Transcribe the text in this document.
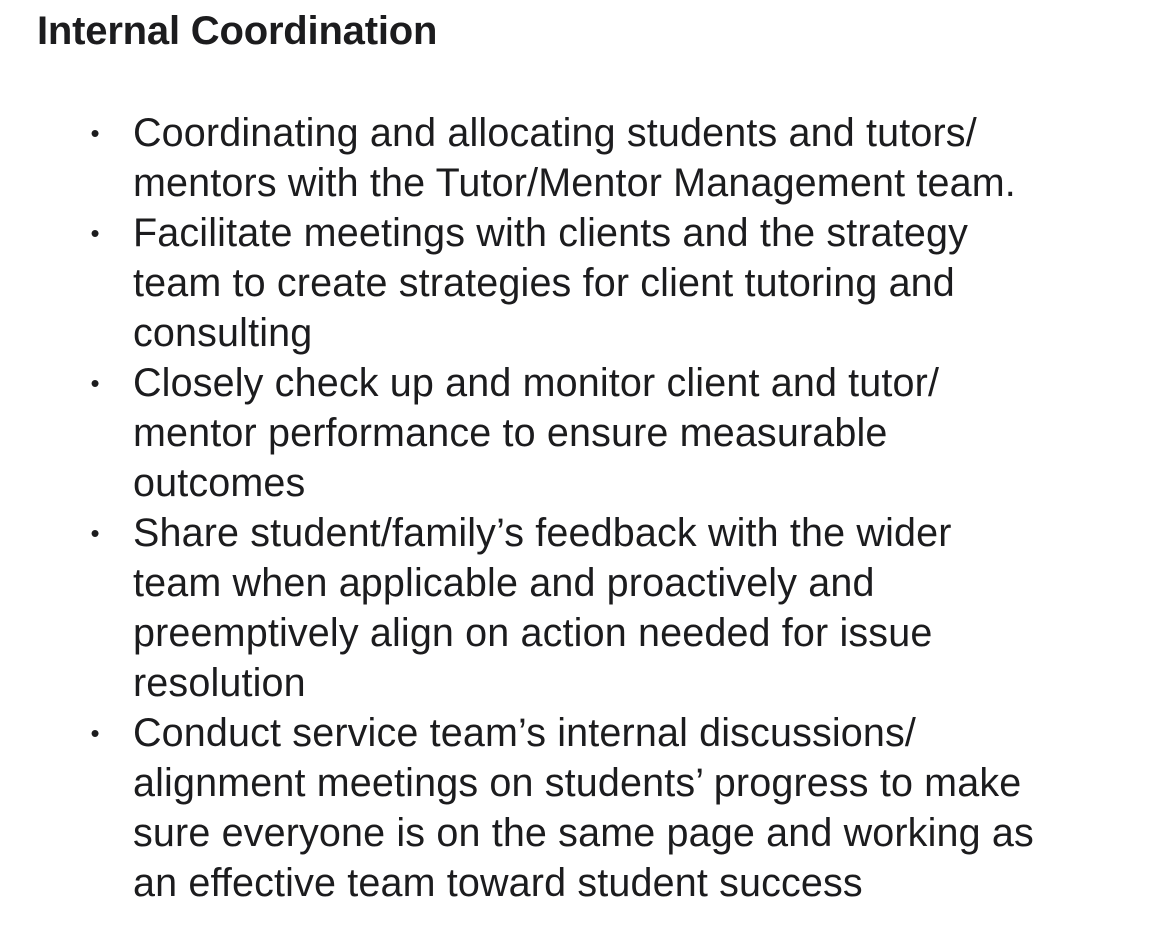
Internal Coordination
• Coordinating and allocating students and tutors/
mentors with the Tutor/Mentor Management team.
• Facilitate meetings with clients and the strategy
team to create strategies for client tutoring and
consulting
• Closely check up and monitor client and tutor/
mentor performance to ensure measurable
outcomes
• Share student/family’s feedback with the wider
team when applicable and proactively and
preemptively align on action needed for issue
resolution
• Conduct service team’s internal discussions/
alignment meetings on students’ progress to make
sure everyone is on the same page and working as
an effective team toward student success
